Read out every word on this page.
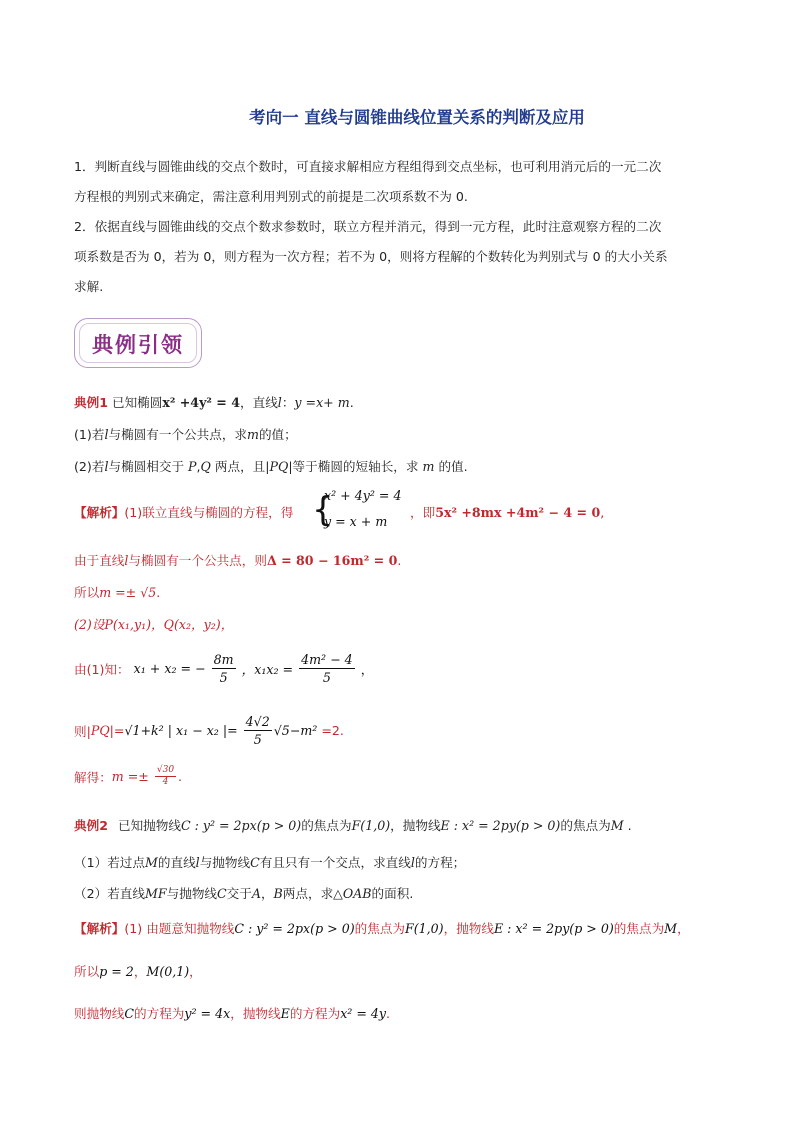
考向一 直线与圆锥曲线位置关系的判断及应用
1．判断直线与圆锥曲线的交点个数时，可直接求解相应方程组得到交点坐标，也可利用消元后的一元二次
方程根的判别式来确定，需注意利用判别式的前提是二次项系数不为 0.
2．依据直线与圆锥曲线的交点个数求参数时，联立方程并消元，得到一元方程，此时注意观察方程的二次
项系数是否为 0，若为 0，则方程为一次方程；若不为 0，则将方程解的个数转化为判别式与 0 的大小关系
求解.
典例引领
典例1 已知椭圆x² +4y² = 4，直线l：y =x+ m.
(1)若l与椭圆有一个公共点，求m的值；
(2)若l与椭圆相交于 P,Q 两点，且|PQ|等于椭圆的短轴长，求 m 的值.
【解析】(1)联立直线与椭圆的方程，得 {
x² + 4y² = 4
y = x + m
，即5x² +8mx +4m² − 4 = 0,
由于直线l与椭圆有一个公共点，则Δ = 80 − 16m² = 0.
所以m =± √5.
(2)设P(x₁,y₁)，Q(x₂，y₂)，
由(1)知： x₁ + x₂ = − $\frac{8m}{5}$ ，$x_1x_2 = \frac{\text{4m² − 4}}{5}$ ，
则|PQ|=√1+k² | x₁ − x₂ |= $\frac{4√2}{5} √5-m^2 =2$.
解得：$m =\pm \frac{√30}{4}$ .
典例2 已知抛物线C : y² = 2px(p > 0)的焦点为F(1,0)，抛物线E : x² = 2py(p > 0)的焦点为M .
（1）若过点M的直线l与抛物线C有且只有一个交点，求直线l的方程；
（2）若直线MF与抛物线C交于A，B两点，求△OAB的面积.
【解析】(1) 由题意知抛物线C : y² = 2px(p > 0)的焦点为F(1,0)，抛物线E : x² = 2py(p > 0)的焦点为M，
所以p = 2，M(0,1)，
则抛物线C的方程为y² = 4x，抛物线E的方程为x² = 4y.
